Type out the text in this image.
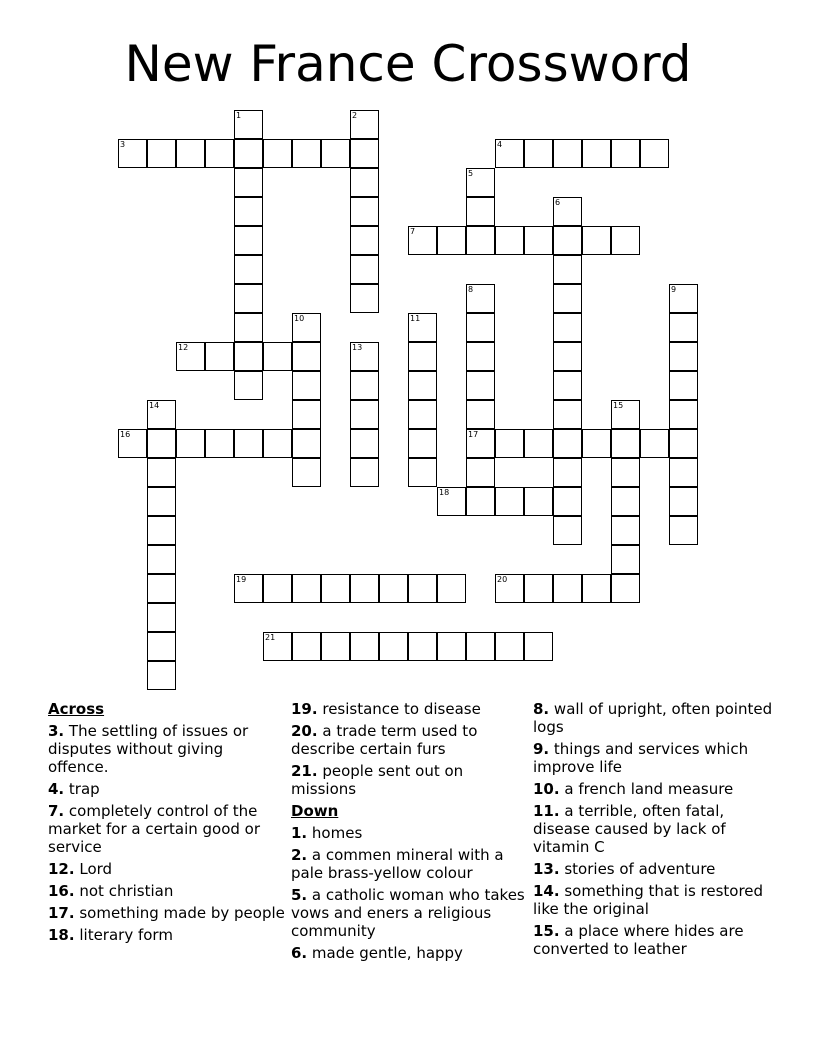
New France Crossword
1	2
3	4
5
6
7
8	9
10	11
12	13
14	15
16	17
18
19	20
21
Across
3. The settling of issues or disputes without giving offence.
4. trap
7. completely control of the market for a certain good or service
12. Lord
16. not christian
17. something made by people
18. literary form
19. resistance to disease
20. a trade term used to describe certain furs
21. people sent out on missions
Down
1. homes
2. a commen mineral with a pale brass-yellow colour
5. a catholic woman who takes vows and eners a religious community
6. made gentle, happy
8. wall of upright, often pointed logs
9. things and services which improve life
10. a french land measure
11. a terrible, often fatal, disease caused by lack of vitamin C
13. stories of adventure
14. something that is restored like the original
15. a place where hides are converted to leather
